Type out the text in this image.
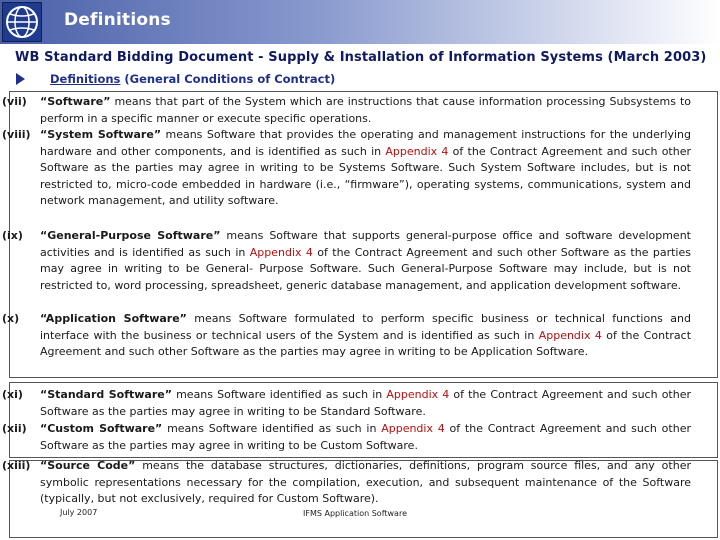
Definitions
WB Standard Bidding Document - Supply & Installation of Information Systems (March 2003)
Definitions (General Conditions of Contract)
(vii)	“Software” means that part of the System which are instructions that cause information processing Subsystems to perform in a specific manner or execute specific operations.
(viii) “System Software” means Software that provides the operating and management instructions for the underlying hardware and other components, and is identified as such in Appendix 4 of the Contract Agreement and such other Software as the parties may agree in writing to be Systems Software. Such System Software includes, but is not restricted to, micro-code embedded in hardware (i.e., “firmware”), operating systems, communications, system and network management, and utility software.
(ix)	“General-Purpose Software” means Software that supports general-purpose office and software development activities and is identified as such in Appendix 4 of the Contract Agreement and such other Software as the parties may agree in writing to be General- Purpose Software. Such General-Purpose Software may include, but is not restricted to, word processing, spreadsheet, generic database management, and application development software.
(x)	“Application Software” means Software formulated to perform specific business or technical functions and interface with the business or technical users of the System and is identified as such in Appendix 4 of the Contract Agreement and such other Software as the parties may agree in writing to be Application Software.
(xi)	“Standard Software” means Software identified as such in Appendix 4 of the Contract Agreement and such other Software as the parties may agree in writing to be Standard Software.
(xii)	“Custom Software” means Software identified as such in Appendix 4 of the Contract Agreement and such other Software as the parties may agree in writing to be Custom Software.
(xiii) “Source Code” means the database structures, dictionaries, definitions, program source files, and any other symbolic representations necessary for the compilation, execution, and subsequent maintenance of the Software (typically, but not exclusively, required for Custom Software).
July 2007	IFMS Application Software
